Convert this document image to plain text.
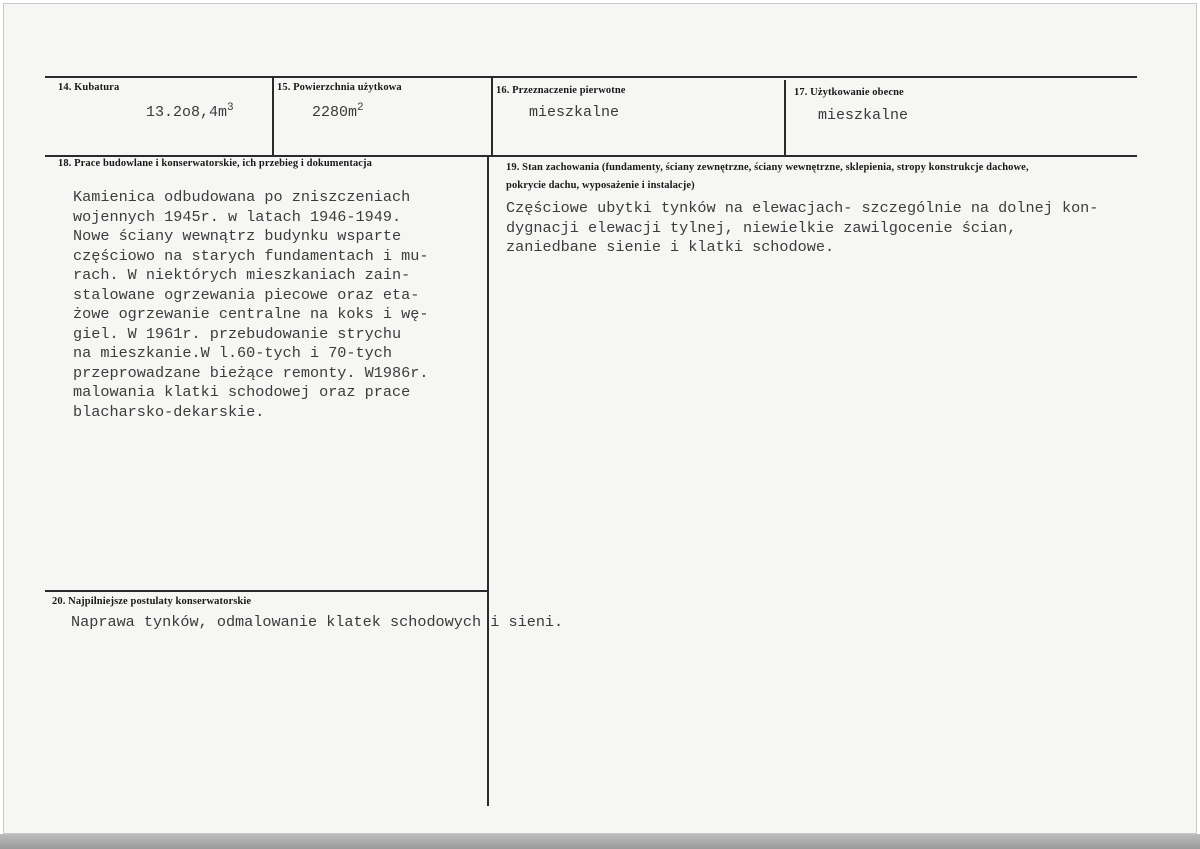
14. Kubatura
$13.2o8,4m^3$
15. Powierzchnia użytkowa
$2280m^2$
16. Przeznaczenie pierwotne
mieszkalne
17. Użytkowanie obecne
mieszkalne
18. Prace budowlane i konserwatorskie, ich przebieg i dokumentacja
Kamienica odbudowana po zniszczeniach
wojennych 1945r. w latach 1946-1949.
Nowe ściany wewnątrz budynku wsparte
częściowo na starych fundamentach i mu-
rach. W niektórych mieszkaniach zain-
stalowane ogrzewania piecowe oraz eta-
żowe ogrzewanie centralne na koks i wę-
giel. W 1961r. przebudowanie strychu
na mieszkanie.W l.60-tych i 70-tych
przeprowadzane bieżące remonty. W1986r.
malowania klatki schodowej oraz prace
blacharsko-dekarskie.
19. Stan zachowania (fundamenty, ściany zewnętrzne, ściany wewnętrzne, sklepienia, stropy konstrukcje dachowe, pokrycie dachu, wyposażenie i instalacje)
Częściowe ubytki tynków na elewacjach- szczególnie na dolnej kon-
dygnacji elewacji tylnej, niewielkie zawilgocenie ścian,
zaniedbane sienie i klatki schodowe.
20. Najpilniejsze postulaty konserwatorskie
Naprawa tynków, odmalowanie klatek schodowych i sieni.
